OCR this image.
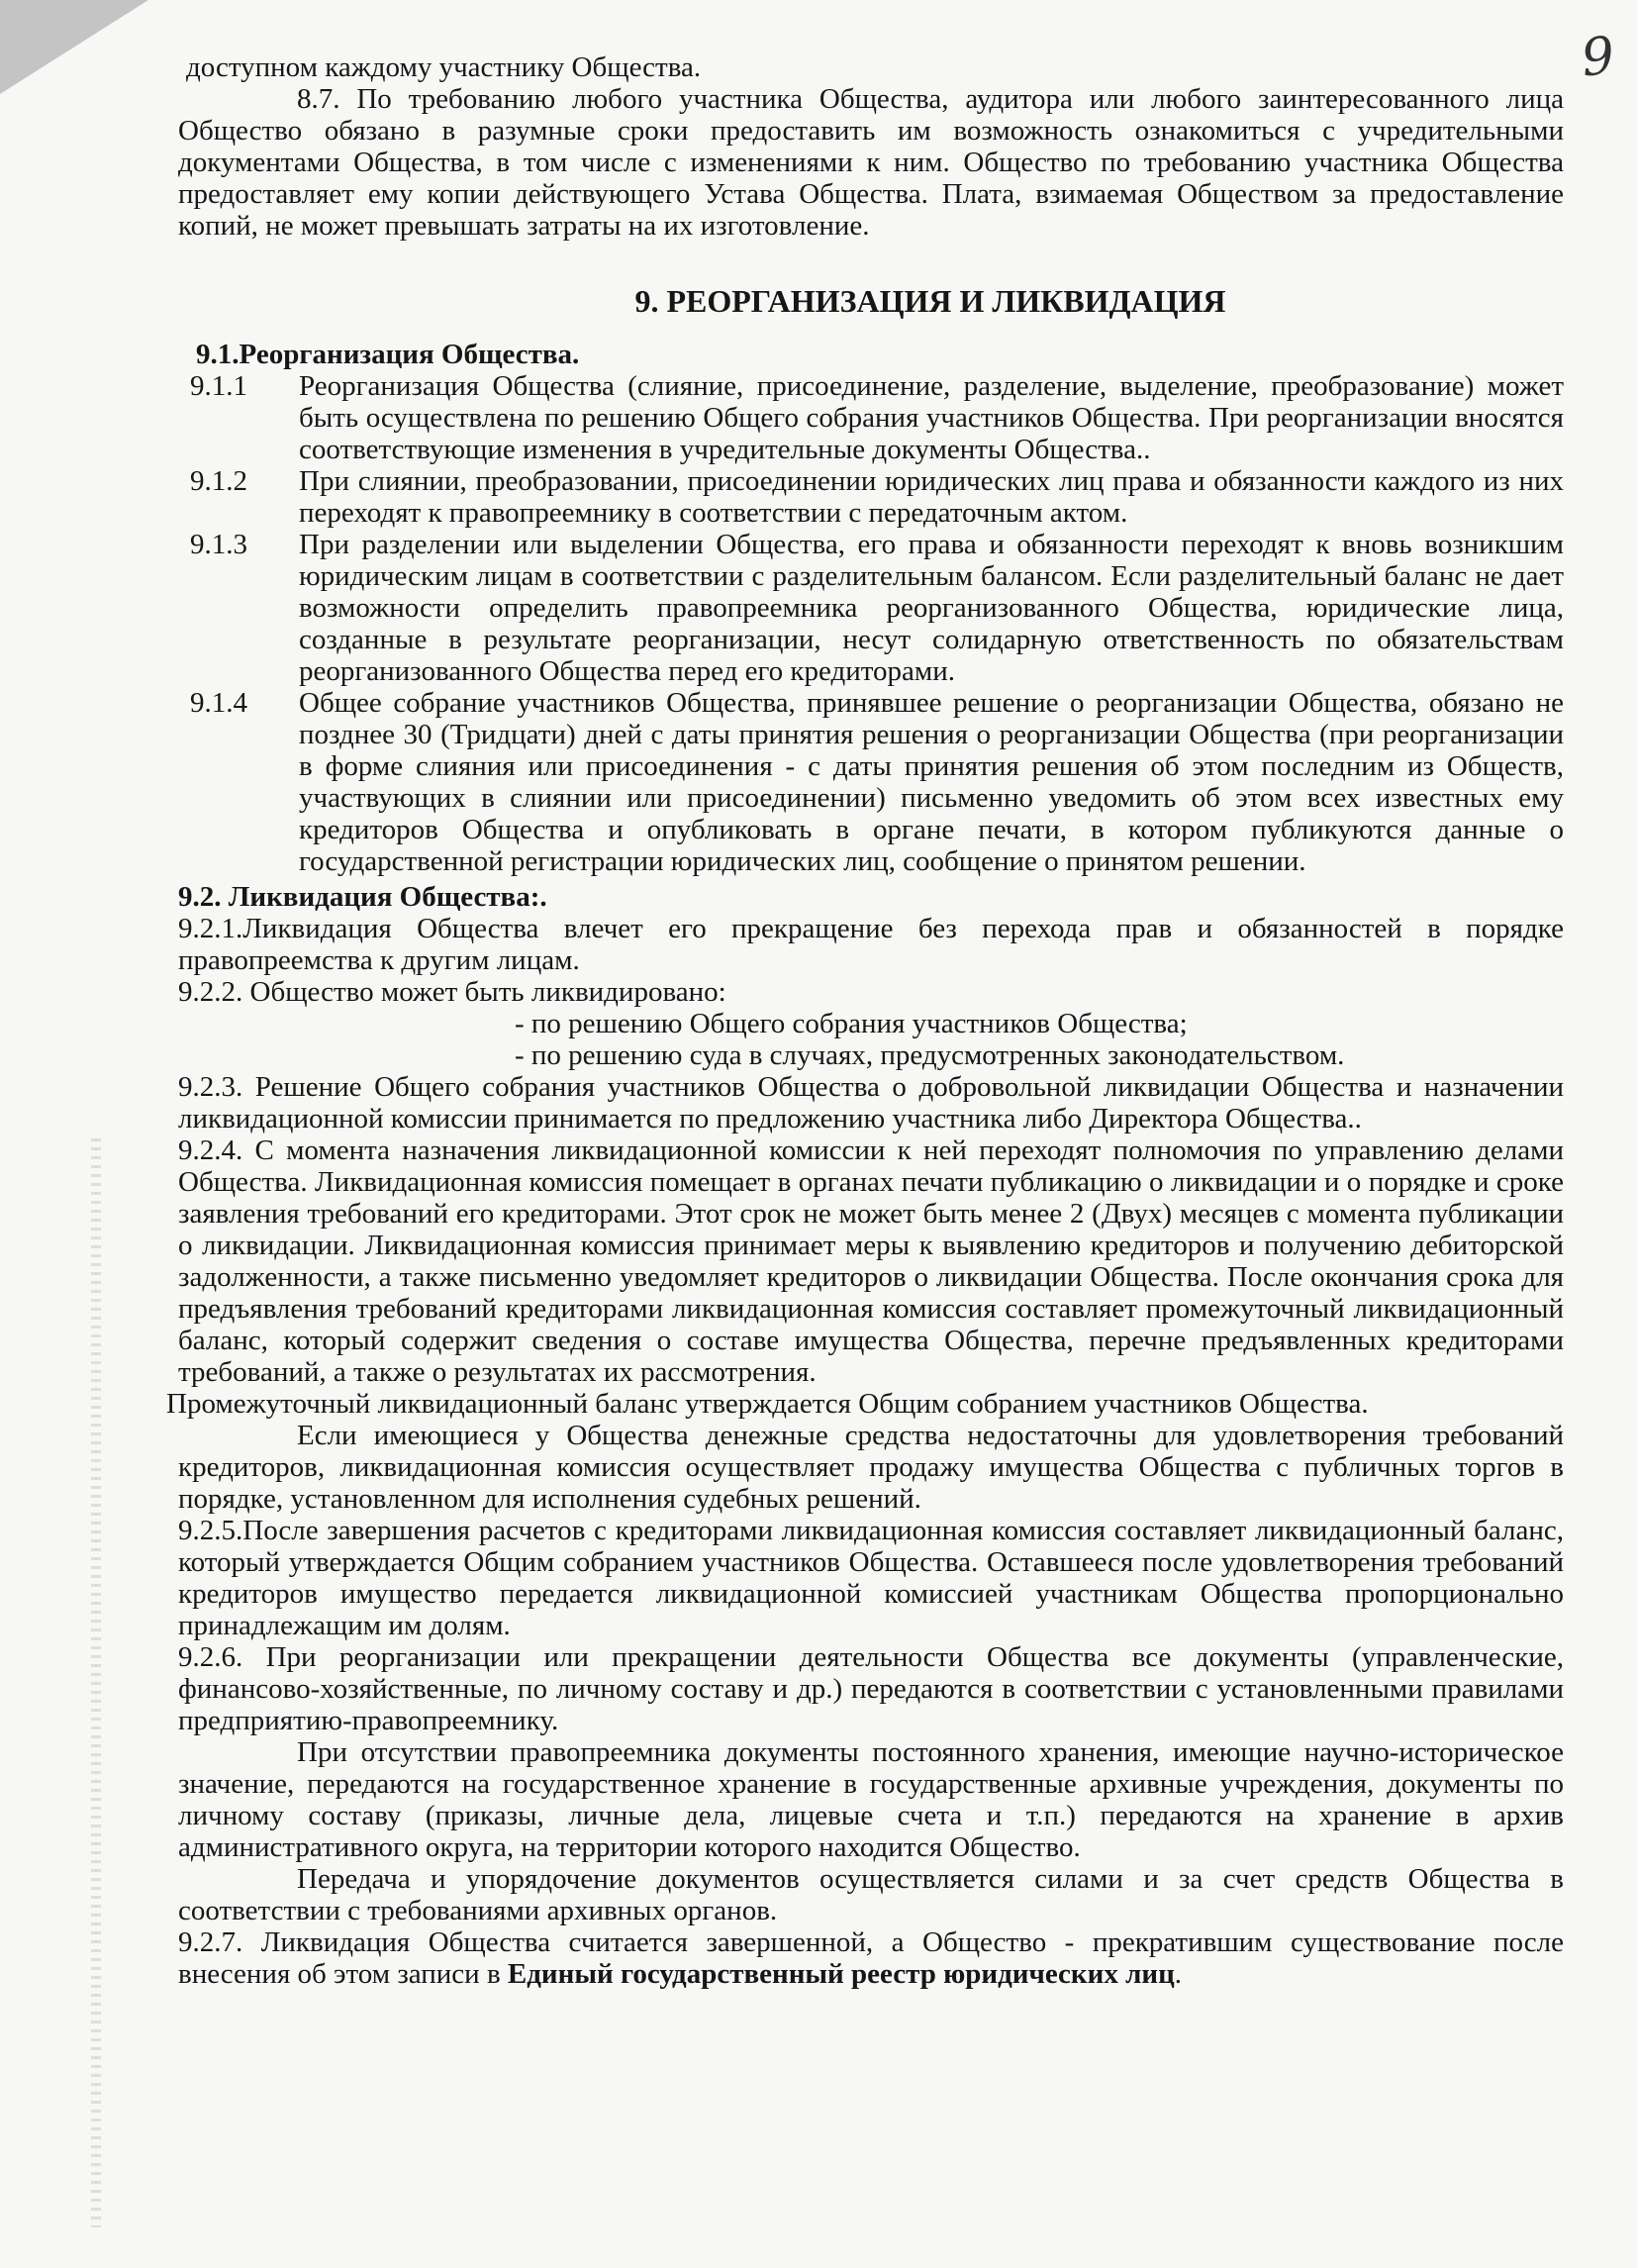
9
доступном каждому участнику Общества.
8.7. По требованию любого участника Общества, аудитора или любого заинтересованного лица Общество обязано в разумные сроки предоставить им возможность ознакомиться с учредительными документами Общества, в том числе с изменениями к ним. Общество по требованию участника Общества предоставляет ему копии действующего Устава Общества. Плата, взимаемая Обществом за предоставление копий, не может превышать затраты на их изготовление.
9. РЕОРГАНИЗАЦИЯ И ЛИКВИДАЦИЯ
9.1.Реорганизация Общества.
9.1.1	Реорганизация Общества (слияние, присоединение, разделение, выделение, преобразование) может быть осуществлена по решению Общего собрания участников Общества. При реорганизации вносятся соответствующие изменения в учредительные документы Общества..
9.1.2	При слиянии, преобразовании, присоединении юридических лиц права и обязанности каждого из них переходят к правопреемнику в соответствии с передаточным актом.
9.1.3	При разделении или выделении Общества, его права и обязанности переходят к вновь возникшим юридическим лицам в соответствии с разделительным балансом. Если разделительный баланс не дает возможности определить правопреемника реорганизованного Общества, юридические лица, созданные в результате реорганизации, несут солидарную ответственность по обязательствам реорганизованного Общества перед его кредиторами.
9.1.4	Общее собрание участников Общества, принявшее решение о реорганизации Общества, обязано не позднее 30 (Тридцати) дней с даты принятия решения о реорганизации Общества (при реорганизации в форме слияния или присоединения - с даты принятия решения об этом последним из Обществ, участвующих в слиянии или присоединении) письменно уведомить об этом всех известных ему кредиторов Общества и опубликовать в органе печати, в котором публикуются данные о государственной регистрации юридических лиц, сообщение о принятом решении.
9.2. Ликвидация Общества:.
9.2.1.Ликвидация Общества влечет его прекращение без перехода прав и обязанностей в порядке правопреемства к другим лицам.
9.2.2. Общество может быть ликвидировано:
- по решению Общего собрания участников Общества;
- по решению суда в случаях, предусмотренных законодательством.
9.2.3. Решение Общего собрания участников Общества о добровольной ликвидации Общества и назначении ликвидационной комиссии принимается по предложению участника либо Директора Общества..
9.2.4. С момента назначения ликвидационной комиссии к ней переходят полномочия по управлению делами Общества. Ликвидационная комиссия помещает в органах печати публикацию о ликвидации и о порядке и сроке заявления требований его кредиторами. Этот срок не может быть менее 2 (Двух) месяцев с момента публикации о ликвидации. Ликвидационная комиссия принимает меры к выявлению кредиторов и получению дебиторской задолженности, а также письменно уведомляет кредиторов о ликвидации Общества. После окончания срока для предъявления требований кредиторами ликвидационная комиссия составляет промежуточный ликвидационный баланс, который содержит сведения о составе имущества Общества, перечне предъявленных кредиторами требований, а также о результатах их рассмотрения.
Промежуточный ликвидационный баланс утверждается Общим собранием участников Общества.
Если имеющиеся у Общества денежные средства недостаточны для удовлетворения требований кредиторов, ликвидационная комиссия осуществляет продажу имущества Общества с публичных торгов в порядке, установленном для исполнения судебных решений.
9.2.5.После завершения расчетов с кредиторами ликвидационная комиссия составляет ликвидационный баланс, который утверждается Общим собранием участников Общества. Оставшееся после удовлетворения требований кредиторов имущество передается ликвидационной комиссией участникам Общества пропорционально принадлежащим им долям.
9.2.6. При реорганизации или прекращении деятельности Общества все документы (управленческие, финансово-хозяйственные, по личному составу и др.) передаются в соответствии с установленными правилами предприятию-правопреемнику.
При отсутствии правопреемника документы постоянного хранения, имеющие научно-историческое значение, передаются на государственное хранение в государственные архивные учреждения, документы по личному составу (приказы, личные дела, лицевые счета и т.п.) передаются на хранение в архив административного округа, на территории которого находится Общество.
Передача и упорядочение документов осуществляется силами и за счет средств Общества в соответствии с требованиями архивных органов.
9.2.7. Ликвидация Общества считается завершенной, а Общество - прекратившим существование после внесения об этом записи в Единый государственный реестр юридических лиц.
